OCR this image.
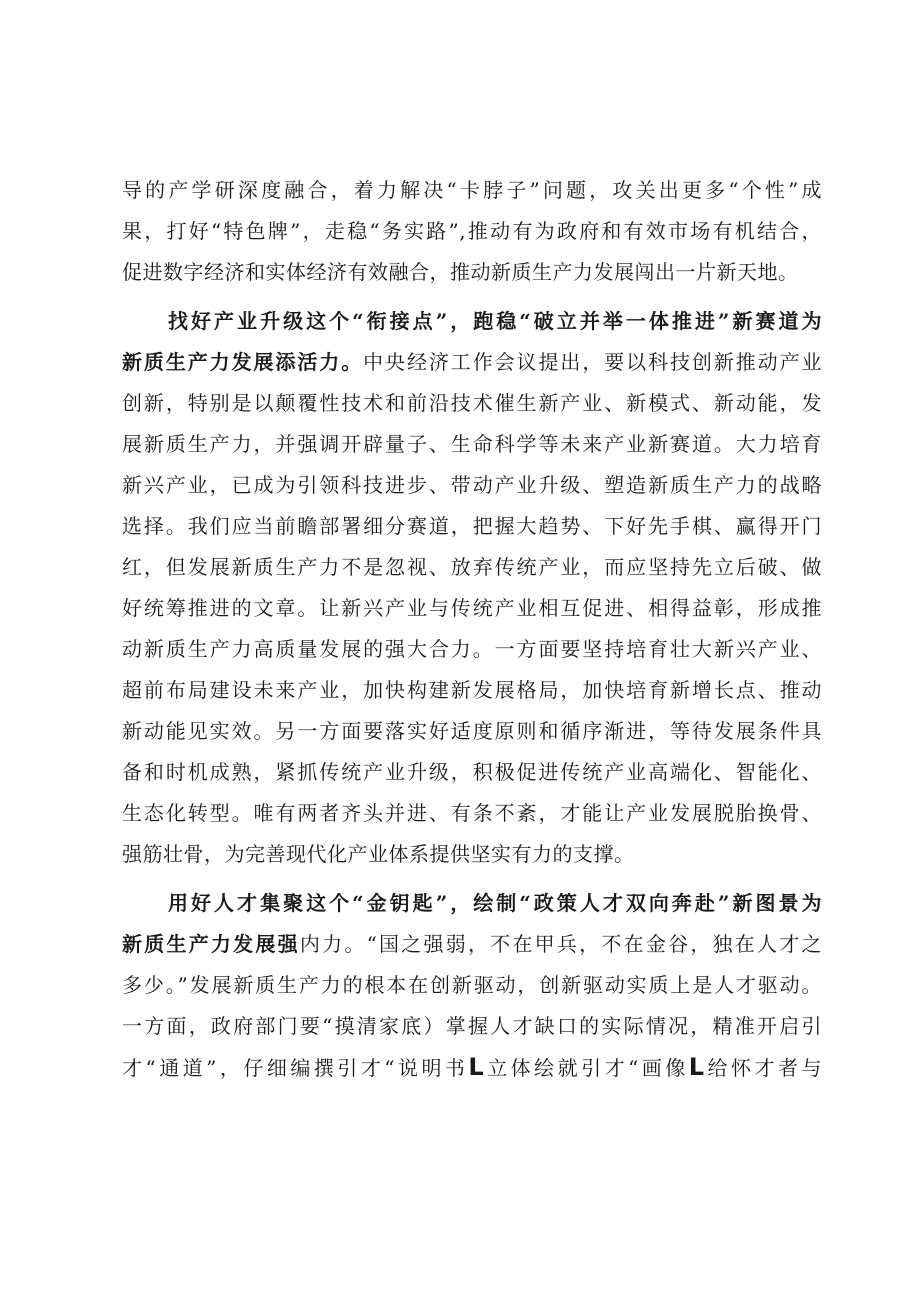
导的产学研深度融合，着力解决“卡脖子”问题，攻关出更多“个性”成
果，打好“特色牌”，走稳“务实路”,推动有为政府和有效市场有机结合，
促进数字经济和实体经济有效融合，推动新质生产力发展闯出一片新天地。
找好产业升级这个“衔接点”，跑稳“破立并举一体推进”新赛道为
新质生产力发展添活力。中央经济工作会议提出，要以科技创新推动产业
创新，特别是以颠覆性技术和前沿技术催生新产业、新模式、新动能，发
展新质生产力，并强调开辟量子、生命科学等未来产业新赛道。大力培育
新兴产业，已成为引领科技进步、带动产业升级、塑造新质生产力的战略
选择。我们应当前瞻部署细分赛道，把握大趋势、下好先手棋、赢得开门
红，但发展新质生产力不是忽视、放弃传统产业，而应坚持先立后破、做
好统筹推进的文章。让新兴产业与传统产业相互促进、相得益彰，形成推
动新质生产力高质量发展的强大合力。一方面要坚持培育壮大新兴产业、
超前布局建设未来产业，加快构建新发展格局，加快培育新增长点、推动
新动能见实效。另一方面要落实好适度原则和循序渐进，等待发展条件具
备和时机成熟，紧抓传统产业升级，积极促进传统产业高端化、智能化、
生态化转型。唯有两者齐头并进、有条不紊，才能让产业发展脱胎换骨、
强筋壮骨，为完善现代化产业体系提供坚实有力的支撑。
用好人才集聚这个“金钥匙”，绘制“政策人才双向奔赴”新图景为
新质生产力发展强内力。“国之强弱，不在甲兵，不在金谷，独在人才之
多少。”发展新质生产力的根本在创新驱动，创新驱动实质上是人才驱动。
一方面，政府部门要“摸清家底）掌握人才缺口的实际情况，精准开启引
才“通道”，仔细编撰引才“说明书L立体绘就引才“画像L给怀才者与
